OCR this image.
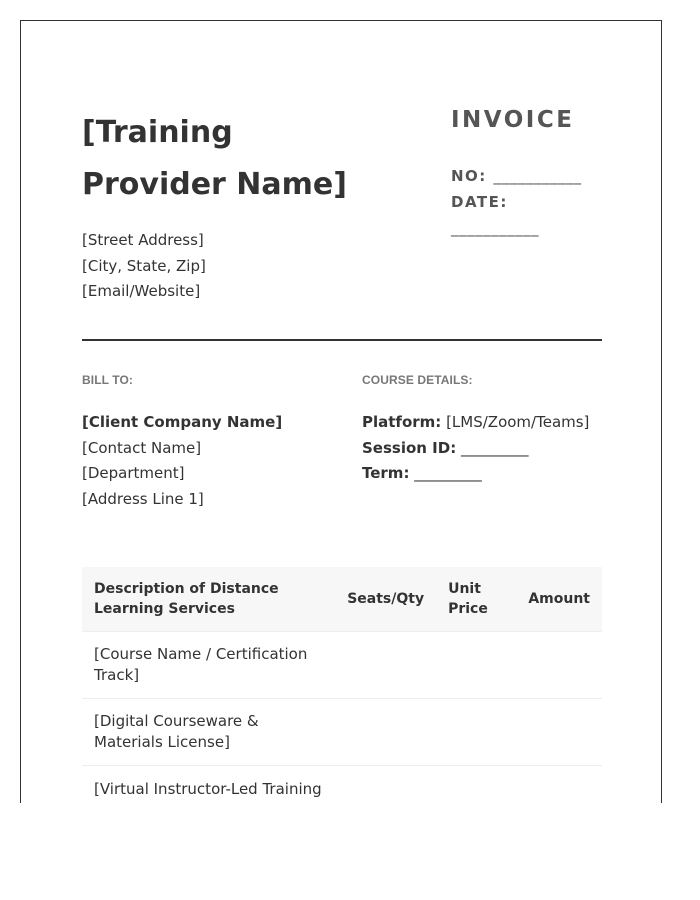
[Training Provider Name]
[Street Address]
[City, State, Zip]
[Email/Website]
INVOICE
NO: ___________ DATE: ___________
BILL TO:	COURSE DETAILS:
[Client Company Name]
[Contact Name]
[Department]
[Address Line 1]
Platform: [LMS/Zoom/Teams]
Session ID: _________
Term: _________
Description of Distance Learning Services	Seats/Qty	Unit Price	Amount
[Course Name / Certification Track]			
[Digital Courseware & Materials License]			
[Virtual Instructor-Led Training			
